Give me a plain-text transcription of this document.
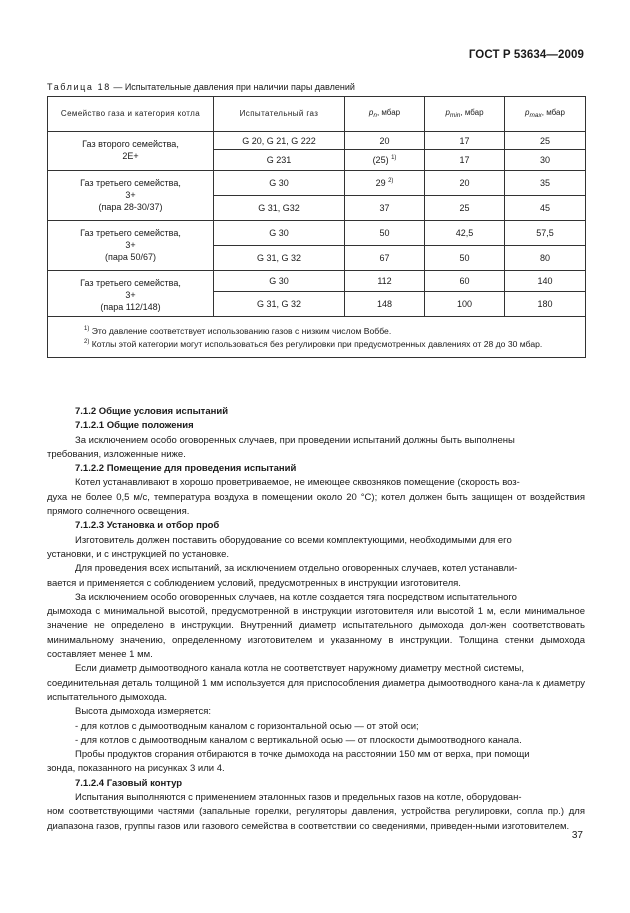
ГОСТ Р 53634—2009
Таблица 18 — Испытательные давления при наличии пары давлений
Семейство газа и категория котла	Испытательный газ	$p_n$, мбар	$p_{min}$, мбар	$p_{max}$, мбар

Газ второго семейства,
2Е+	G 20, G 21, G 222	20	17	25
	G 231	(25) $^{1)}$	17	30

Газ третьего семейства,
3+
(пара 28-30/37)	G 30	29 $^{2)}$	20	35
	G 31, G32	37	25	45

Газ третьего семейства,
3+
(пара 50/67)	G 30	50	42,5	57,5
	G 31, G 32	67	50	80

Газ третьего семейства,
3+
(пара 112/148)	G 30	112	60	140
	G 31, G 32	148	100	180

$^{1)}$ Это давление соответствует использованию газов с низким числом Воббе.

$^{2)}$ Котлы этой категории могут использоваться без регулировки при предусмотренных давлениях от 28 до 30 мбар.				

7.1.2 Общие условия испытаний

7.1.2.1 Общие положения

За исключением особо оговоренных случаев, при проведении испытаний должны быть выполнены

требования, изложенные ниже.

7.1.2.2 Помещение для проведения испытаний

Котел устанавливают в хорошо проветриваемое, не имеющее сквозняков помещение (скорость воз-

духа не более 0,5 м/с, температура воздуха в помещении около 20 °C); котел должен быть защищен от воздействия прямого солнечного освещения.

7.1.2.3 Установка и отбор проб

Изготовитель должен поставить оборудование со всеми комплектующими, необходимыми для его

установки, и с инструкцией по установке.

Для проведения всех испытаний, за исключением отдельно оговоренных случаев, котел устанавли-

вается и применяется с соблюдением условий, предусмотренных в инструкции изготовителя.

За исключением особо оговоренных случаев, на котле создается тяга посредством испытательного

дымохода с минимальной высотой, предусмотренной в инструкции изготовителя или высотой 1 м, если минимальное значение не определено в инструкции. Внутренний диаметр испытательного дымохода дол-жен соответствовать минимальному значению, определенному изготовителем и указанному в инструкции. Толщина стенки дымохода составляет менее 1 мм.

Если диаметр дымоотводного канала котла не соответствует наружному диаметру местной системы,

соединительная деталь толщиной 1 мм используется для приспособления диаметра дымоотводного кана-ла к диаметру испытательного дымохода.

Высота дымохода измеряется:

- для котлов с дымоотводным каналом с горизонтальной осью — от этой оси;

- для котлов с дымоотводным каналом с вертикальной осью — от плоскости дымоотводного канала.

Пробы продуктов сгорания отбираются в точке дымохода на расстоянии 150 мм от верха, при помощи

зонда, показанного на рисунках 3 или 4.

7.1.2.4 Газовый контур

Испытания выполняются с применением эталонных газов и предельных газов на котле, оборудован-

ном соответствующими частями (запальные горелки, регуляторы давления, устройства регулировки, сопла пр.) для диапазона газов, группы газов или газового семейства в соответствии со сведениями, приведен-ными изготовителем.

37
